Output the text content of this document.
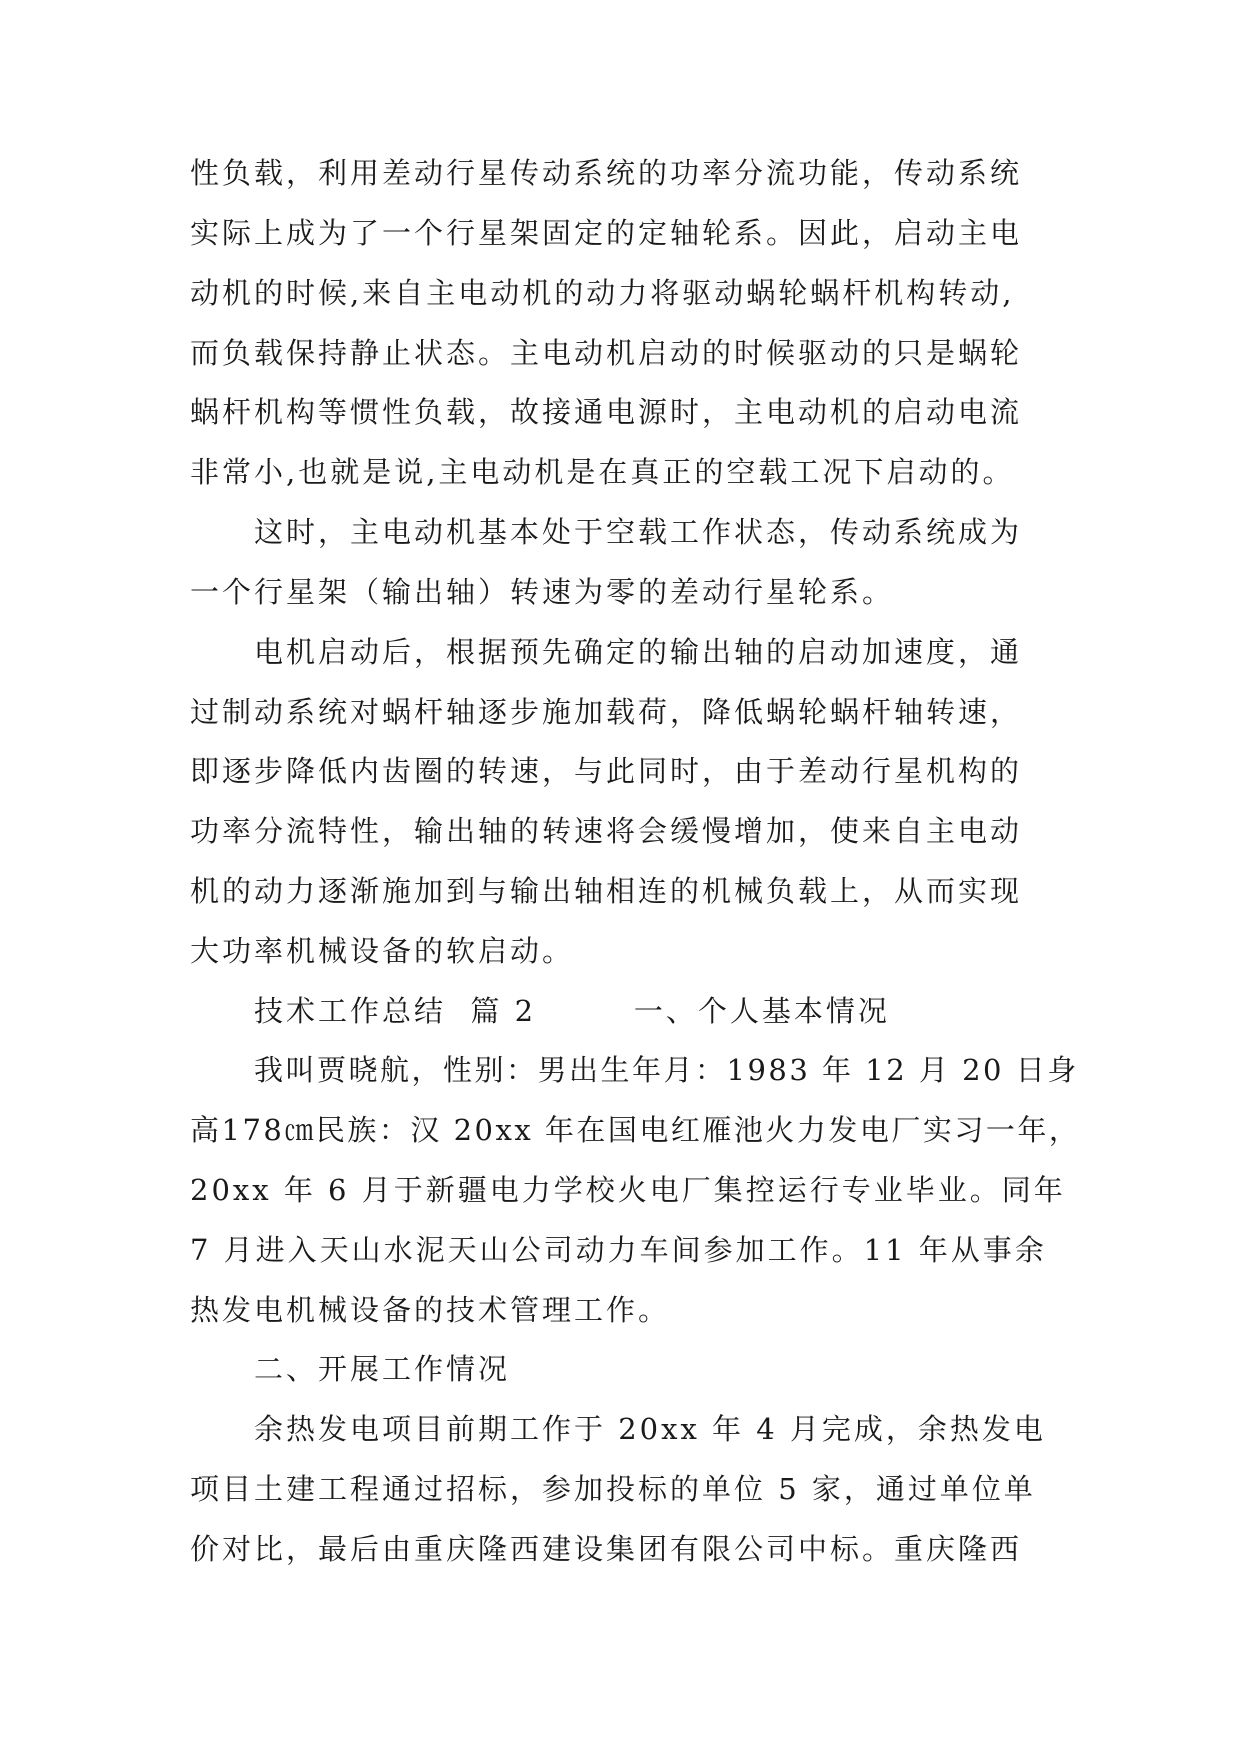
性负载，利用差动行星传动系统的功率分流功能，传动系统
实际上成为了一个行星架固定的定轴轮系。因此，启动主电
动机的时候,来自主电动机的动力将驱动蜗轮蜗杆机构转动,
而负载保持静止状态。主电动机启动的时候驱动的只是蜗轮
蜗杆机构等惯性负载，故接通电源时，主电动机的启动电流
非常小,也就是说,主电动机是在真正的空载工况下启动的。
这时，主电动机基本处于空载工作状态，传动系统成为
一个行星架（输出轴）转速为零的差动行星轮系。
电机启动后，根据预先确定的输出轴的启动加速度，通
过制动系统对蜗杆轴逐步施加载荷，降低蜗轮蜗杆轴转速，
即逐步降低内齿圈的转速，与此同时，由于差动行星机构的
功率分流特性，输出轴的转速将会缓慢增加，使来自主电动
机的动力逐渐施加到与输出轴相连的机械负载上，从而实现
大功率机械设备的软启动。
技术工作总结  篇 2        一、个人基本情况
我叫贾晓航，性别：男出生年月：1983 年 12 月 20 日身
高178㎝民族：汉 20xx 年在国电红雁池火力发电厂实习一年，
20xx 年 6 月于新疆电力学校火电厂集控运行专业毕业。同年
7 月进入天山水泥天山公司动力车间参加工作。11 年从事余
热发电机械设备的技术管理工作。
二、开展工作情况
余热发电项目前期工作于 20xx 年 4 月完成，余热发电
项目土建工程通过招标，参加投标的单位 5 家，通过单位单
价对比，最后由重庆隆西建设集团有限公司中标。重庆隆西
